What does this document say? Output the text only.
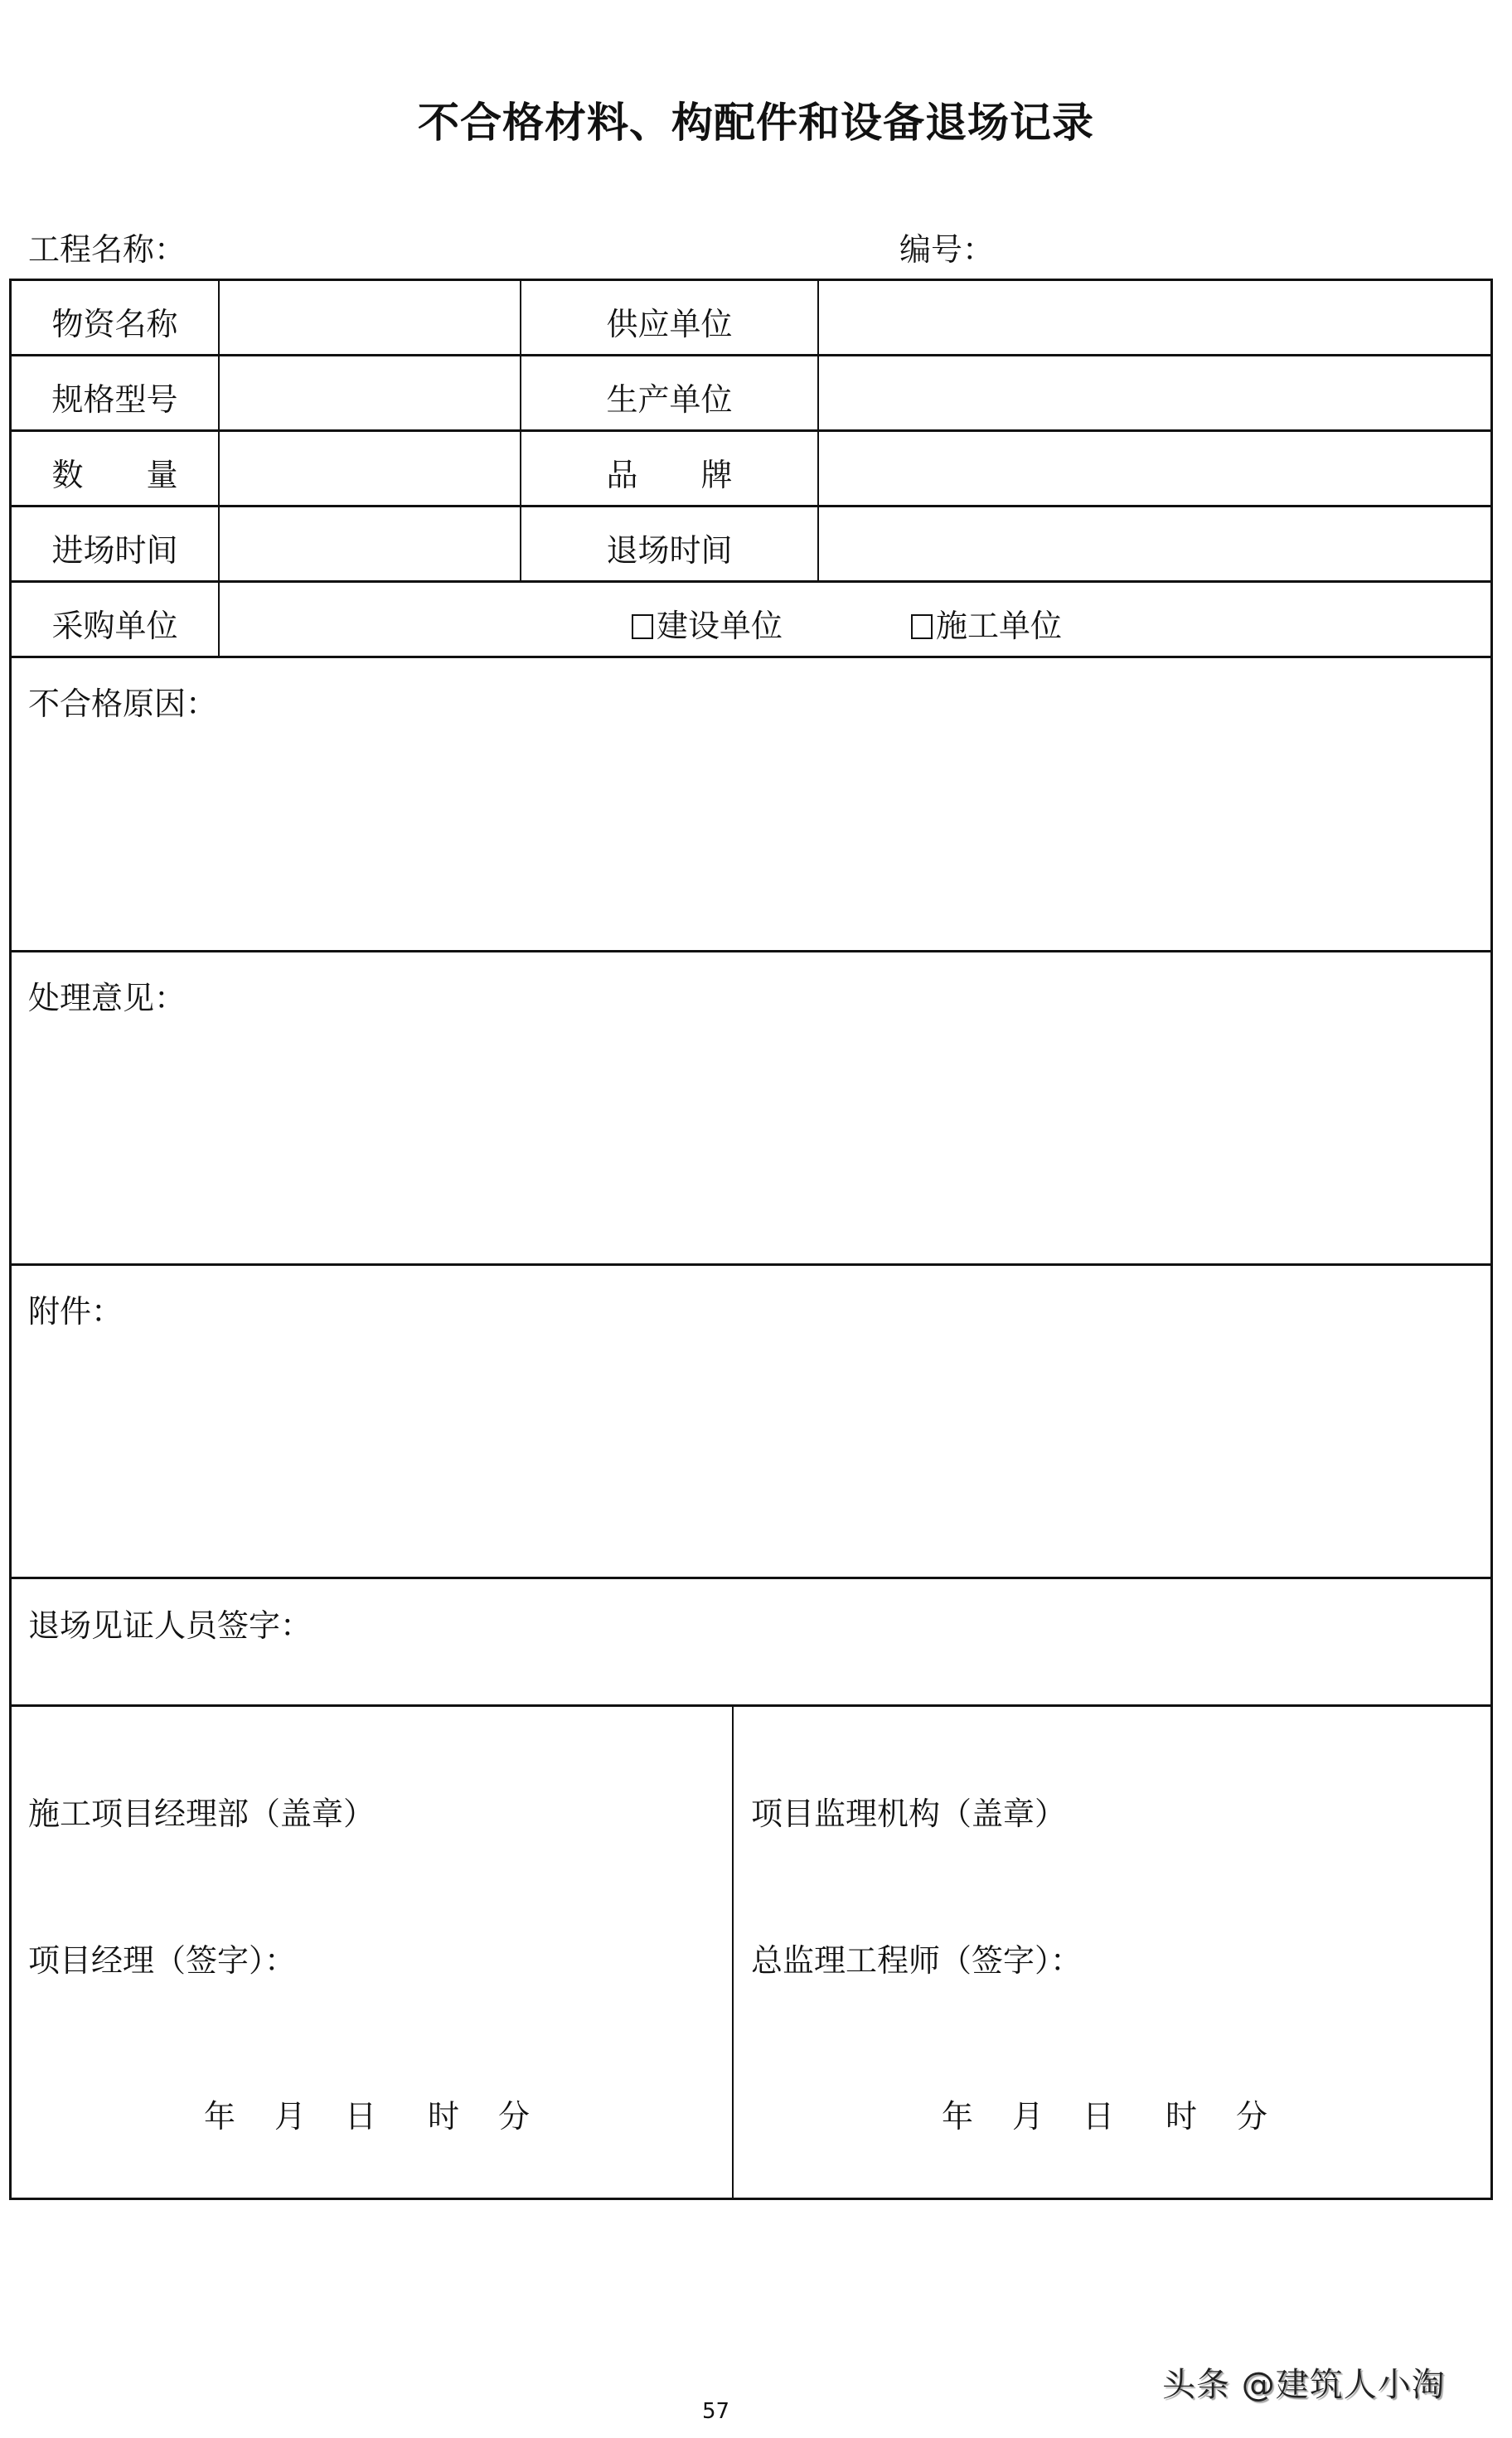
不合格材料、构配件和设备退场记录
工程名称：	编号：
物资名称	供应单位
规格型号	生产单位
数　　量	品　　牌
进场时间	退场时间
采购单位	建设单位	施工单位
不合格原因：
处理意见：
附件：
退场见证人员签字：
施工项目经理部（盖章）
项目经理（签字）：
年	月	日	时	分
项目监理机构（盖章）
总监理工程师（签字）：
年	月	日	时	分
57
头条 @建筑人小淘
